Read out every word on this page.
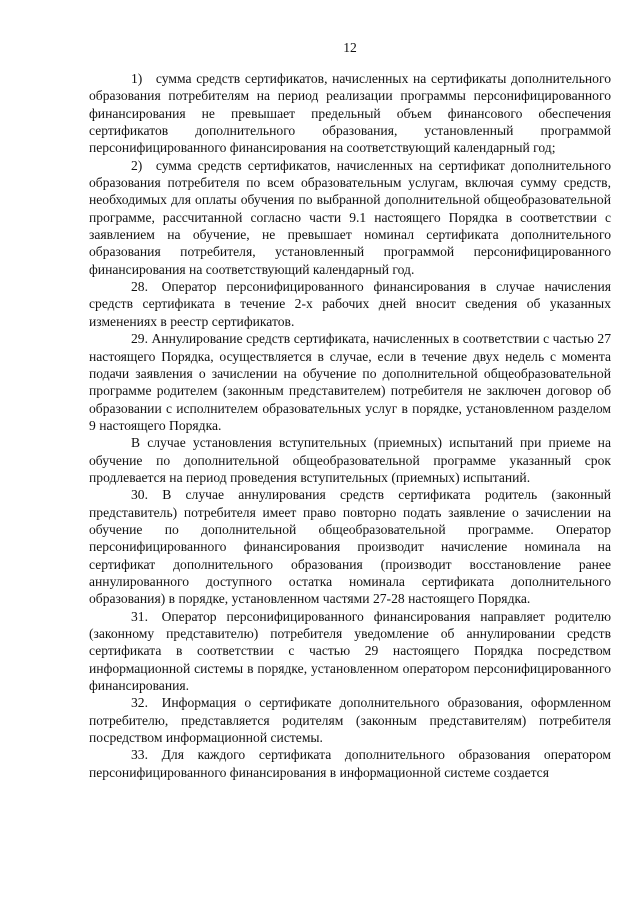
12

1) сумма средств сертификатов, начисленных на сертификаты дополнительного образования потребителям на период реализации программы персонифицированного финансирования не превышает предельный объем финансового обеспечения сертификатов дополнительного образования, установленный программой персонифицированного финансирования на соответствующий календарный год;

2) сумма средств сертификатов, начисленных на сертификат дополнительного образования потребителя по всем образовательным услугам, включая сумму средств, необходимых для оплаты обучения по выбранной дополнительной общеобразовательной программе, рассчитанной согласно части 9.1 настоящего Порядка в соответствии с заявлением на обучение, не превышает номинал сертификата дополнительного образования потребителя, установленный программой персонифицированного финансирования на соответствующий календарный год.

28. Оператор персонифицированного финансирования в случае начисления средств сертификата в течение 2-х рабочих дней вносит сведения об указанных изменениях в реестр сертификатов.

29. Аннулирование средств сертификата, начисленных в соответствии с частью 27 настоящего Порядка, осуществляется в случае, если в течение двух недель с момента подачи заявления о зачислении на обучение по дополнительной общеобразовательной программе родителем (законным представителем) потребителя не заключен договор об образовании с исполнителем образовательных услуг в порядке, установленном разделом 9 настоящего Порядка.

В случае установления вступительных (приемных) испытаний при приеме на обучение по дополнительной общеобразовательной программе указанный срок продлевается на период проведения вступительных (приемных) испытаний.

30. В случае аннулирования средств сертификата родитель (законный представитель) потребителя имеет право повторно подать заявление о зачислении на обучение по дополнительной общеобразовательной программе. Оператор персонифицированного финансирования производит начисление номинала на сертификат дополнительного образования (производит восстановление ранее аннулированного доступного остатка номинала сертификата дополнительного образования) в порядке, установленном частями 27-28 настоящего Порядка.

31. Оператор персонифицированного финансирования направляет родителю (законному представителю) потребителя уведомление об аннулировании средств сертификата в соответствии с частью 29 настоящего Порядка посредством информационной системы в порядке, установленном оператором персонифицированного финансирования.

32. Информация о сертификате дополнительного образования, оформленном потребителю, представляется родителям (законным представителям) потребителя посредством информационной системы.

33. Для каждого сертификата дополнительного образования оператором персонифицированного финансирования в информационной системе создается
